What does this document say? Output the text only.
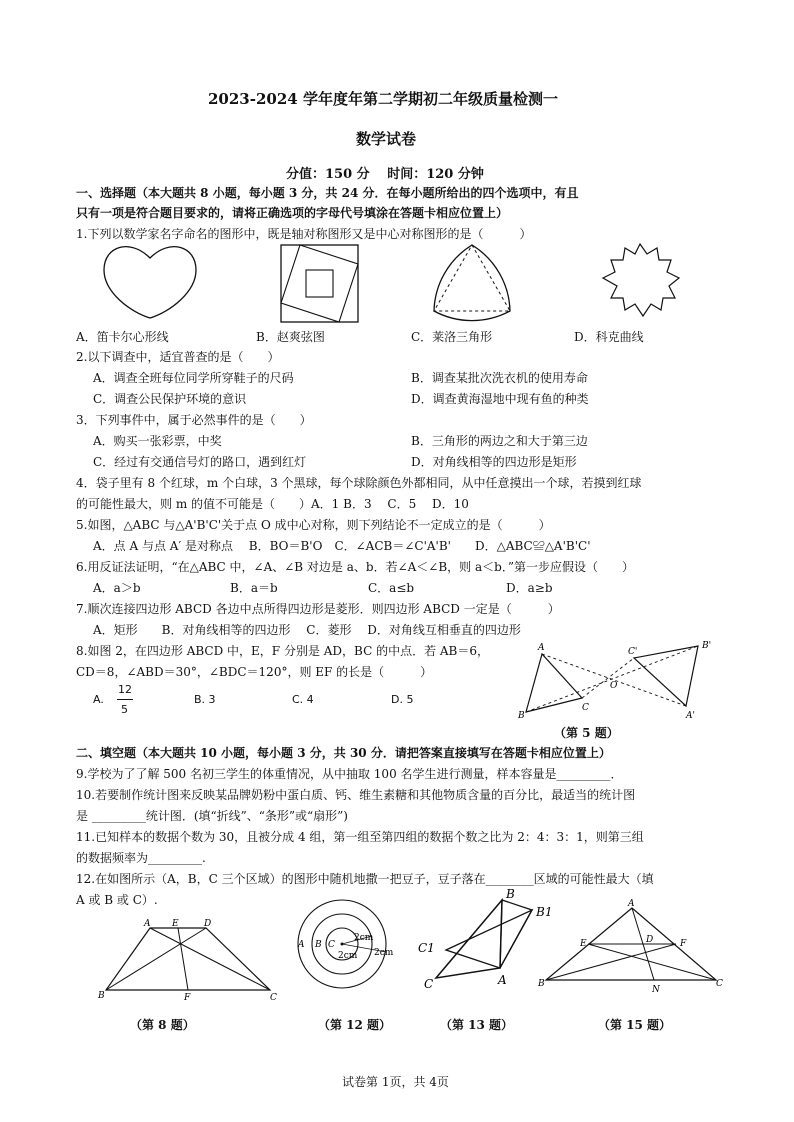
2023-2024 学年度年第二学期初二年级质量检测一
数学试卷
分值：150 分　 时间：120 分钟
一、选择题（本大题共 8 小题，每小题 3 分，共 24 分．在每小题所给出的四个选项中，有且
只有一项是符合题目要求的，请将正确选项的字母代号填涂在答题卡相应位置上）
1.下列以数学家名字命名的图形中，既是轴对称图形又是中心对称图形的是（　　　）
A．笛卡尔心形线	B．赵爽弦图	C．莱洛三角形	D．科克曲线
2.以下调查中，适宜普查的是（　　）
A．调查全班每位同学所穿鞋子的尺码	B．调查某批次洗衣机的使用寿命
C．调查公民保护环境的意识	D．调查黄海湿地中现有鱼的种类
3．下列事件中，属于必然事件的是（　　）
A．购买一张彩票，中奖	B．三角形的两边之和大于第三边
C．经过有交通信号灯的路口，遇到红灯	D．对角线相等的四边形是矩形
4．袋子里有 8 个红球，m 个白球，3 个黑球，每个球除颜色外都相同，从中任意摸出一个球，若摸到红球
的可能性最大，则 m 的值不可能是（　　）A．1 B．3　 C．5　 D．10
5.如图，△ABC 与△A'B'C'关于点 O 成中心对称，则下列结论不一定成立的是（　　　）
A．点 A 与点 A′ 是对称点　 B．BO＝B'O　C．∠ACB＝∠C'A'B'　　D．△ABC≌△A'B'C'
6.用反证法证明，“在△ABC 中，∠A、∠B 对边是 a、b．若∠A＜∠B，则 a＜b．”第一步应假设（　　）
A．a＞b	B．a＝b	C．a≤b	D．a≥b
7.顺次连接四边形 ABCD 各边中点所得四边形是菱形．则四边形 ABCD 一定是（　　　）
A．矩形　　B．对角线相等的四边形　 C．菱形　 D．对角线互相垂直的四边形
8.如图 2，在四边形 ABCD 中，E，F 分别是 AD，BC 的中点．若 AB＝6，
CD＝8，∠ABD＝30°，∠BDC＝120°，则 EF 的长是（　　　）
A.
12
5
B. 3	C. 4	D. 5
A
B
C
O
C'
B'
A'
（第 5 题）
二、填空题（本大题共 10 小题，每小题 3 分，共 30 分．请把答案直接填写在答题卡相应位置上）
9.学校为了了解 500 名初三学生的体重情况，从中抽取 100 名学生进行测量，样本容量是_________．
10.若要制作统计图来反映某品牌奶粉中蛋白质、钙、维生素糖和其他物质含量的百分比，最适当的统计图
是 _________统计图．(填“折线”、“条形”或“扇形”)
11.已知样本的数据个数为 30，且被分成 4 组，第一组至第四组的数据个数之比为 2：4：3：1，则第三组
的数据频率为_________.
12.在如图所示（A，B，C 三个区域）的图形中随机地撒一把豆子，豆子落在________区域的可能性最大（填
A 或 B 或 C）.
A E	D
B	F	C
（第 8 题）
A B C
2cm
2cm 2cm
（第 12 题）
B
B1
C1
C	A
（第 13 题）
A
E	D	F
B
N
C
（第 15 题）
试卷第 1页，共 4页
